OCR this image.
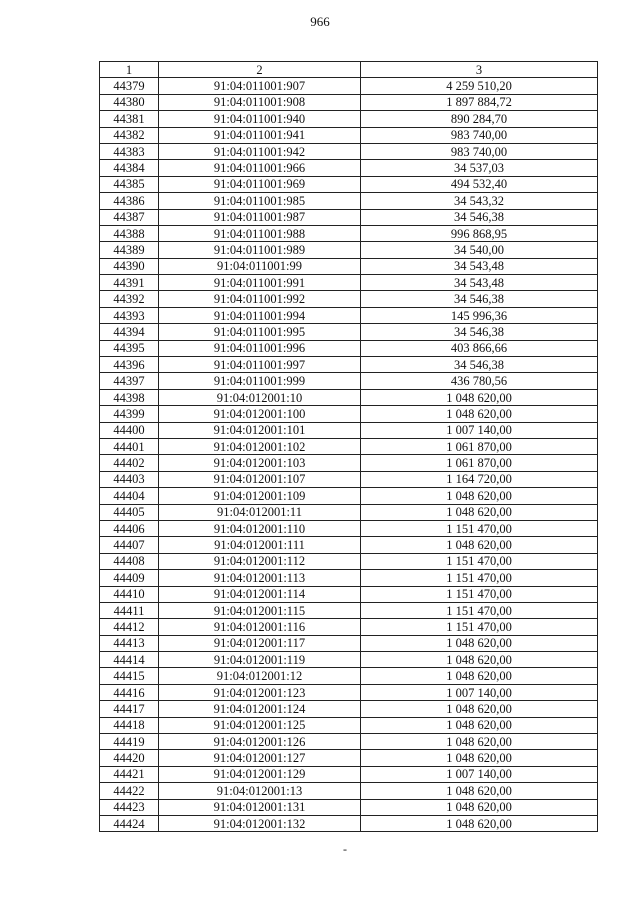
966
1	2	3
44379	91:04:011001:907	4 259 510,20
44380	91:04:011001:908	1 897 884,72
44381	91:04:011001:940	890 284,70
44382	91:04:011001:941	983 740,00
44383	91:04:011001:942	983 740,00
44384	91:04:011001:966	34 537,03
44385	91:04:011001:969	494 532,40
44386	91:04:011001:985	34 543,32
44387	91:04:011001:987	34 546,38
44388	91:04:011001:988	996 868,95
44389	91:04:011001:989	34 540,00
44390	91:04:011001:99	34 543,48
44391	91:04:011001:991	34 543,48
44392	91:04:011001:992	34 546,38
44393	91:04:011001:994	145 996,36
44394	91:04:011001:995	34 546,38
44395	91:04:011001:996	403 866,66
44396	91:04:011001:997	34 546,38
44397	91:04:011001:999	436 780,56
44398	91:04:012001:10	1 048 620,00
44399	91:04:012001:100	1 048 620,00
44400	91:04:012001:101	1 007 140,00
44401	91:04:012001:102	1 061 870,00
44402	91:04:012001:103	1 061 870,00
44403	91:04:012001:107	1 164 720,00
44404	91:04:012001:109	1 048 620,00
44405	91:04:012001:11	1 048 620,00
44406	91:04:012001:110	1 151 470,00
44407	91:04:012001:111	1 048 620,00
44408	91:04:012001:112	1 151 470,00
44409	91:04:012001:113	1 151 470,00
44410	91:04:012001:114	1 151 470,00
44411	91:04:012001:115	1 151 470,00
44412	91:04:012001:116	1 151 470,00
44413	91:04:012001:117	1 048 620,00
44414	91:04:012001:119	1 048 620,00
44415	91:04:012001:12	1 048 620,00
44416	91:04:012001:123	1 007 140,00
44417	91:04:012001:124	1 048 620,00
44418	91:04:012001:125	1 048 620,00
44419	91:04:012001:126	1 048 620,00
44420	91:04:012001:127	1 048 620,00
44421	91:04:012001:129	1 007 140,00
44422	91:04:012001:13	1 048 620,00
44423	91:04:012001:131	1 048 620,00
44424	91:04:012001:132	1 048 620,00
-
